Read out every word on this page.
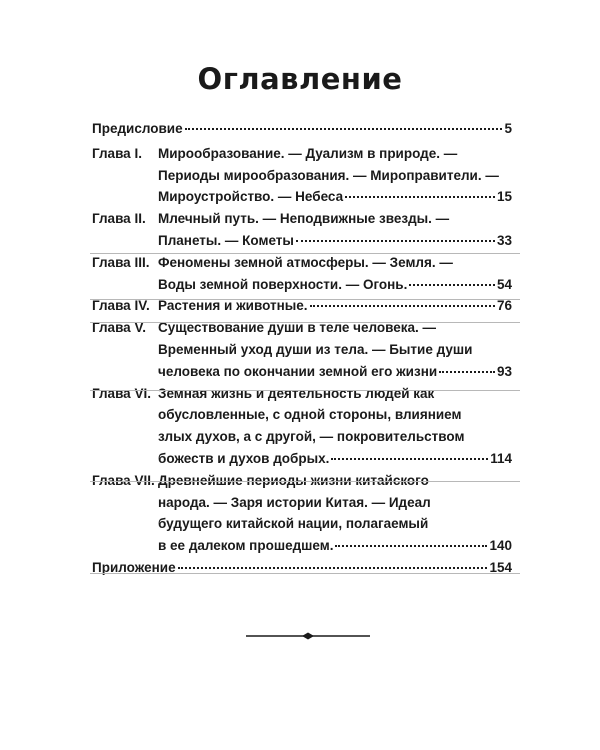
Оглавление
Предисловие	5
Глава I.	Мирообразование. — Дуализм в природе. —
Периоды мирообразования. — Мироправители. —
Мироустройство. — Небеса	15
Глава II. Млечный путь. — Неподвижные звезды. —
Планеты. — Кометы	33
Глава III. Феномены земной атмосферы. — Земля. —
Воды земной поверхности. — Огонь.	54
Глава IV. Растения и животные.	76
Глава V. Существование души в теле человека. —
Временный уход души из тела. — Бытие души
человека по окончании земной его жизни	93
Глава VI. Земная жизнь и деятельность людей как
обусловленные, с одной стороны, влиянием
злых духов, а с другой, — покровительством
божеств и духов добрых.	114
Глава VII. Древнейшие периоды жизни китайского
народа. — Заря истории Китая. — Идеал
будущего китайской нации, полагаемый
в ее далеком прошедшем.	140
Приложение	154
